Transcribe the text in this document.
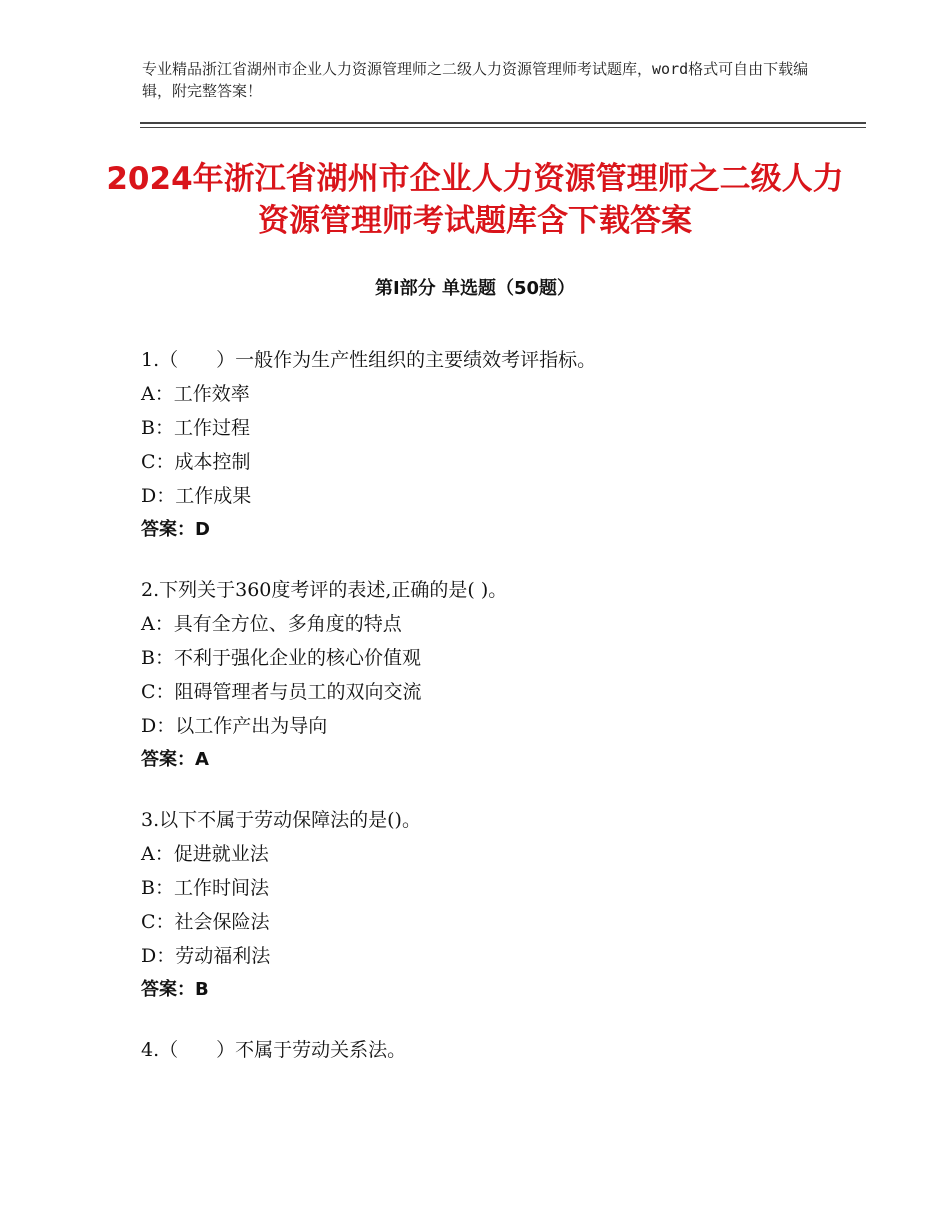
专业精品浙江省湖州市企业人力资源管理师之二级人力资源管理师考试题库，word格式可自由下载编辑，附完整答案！
2024年浙江省湖州市企业人力资源管理师之二级人力资源管理师考试题库含下载答案
第Ⅰ部分 单选题（50题）
1.（　　）一般作为生产性组织的主要绩效考评指标。
A：工作效率
B：工作过程
C：成本控制
D：工作成果
答案：D
2.下列关于360度考评的表述,正确的是( )。
A：具有全方位、多角度的特点
B：不利于强化企业的核心价值观
C：阻碍管理者与员工的双向交流
D：以工作产出为导向
答案：A
3.以下不属于劳动保障法的是()。
A：促进就业法
B：工作时间法
C：社会保险法
D：劳动福利法
答案：B
4.（　　）不属于劳动关系法。
